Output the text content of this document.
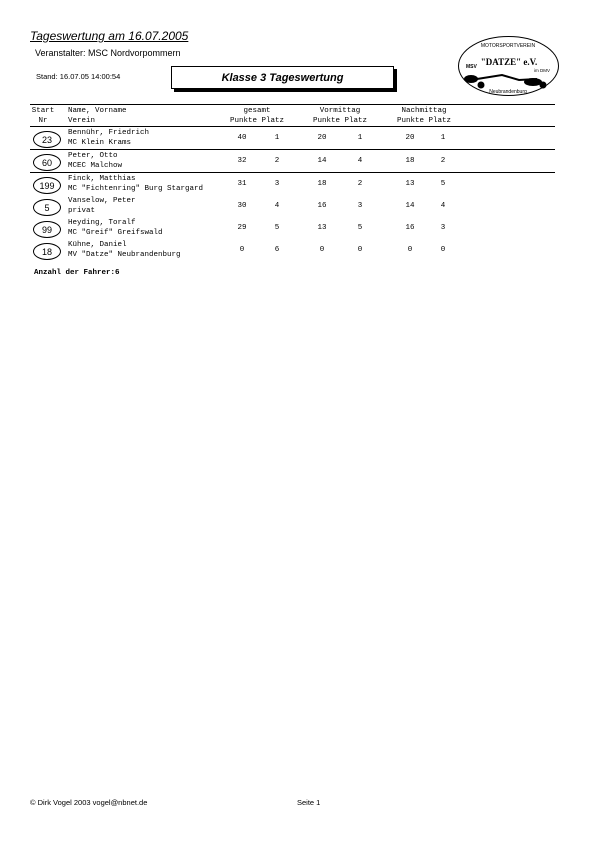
Tageswertung am 16.07.2005
Veranstalter: MSC Nordvorpommern
Stand: 16.07.05 14:00:54	Klasse 3 Tageswertung
MOTORSPORTVEREIN
MSV "DATZE" e.V.
im DMV
Neubrandenburg
Start
Nr
Name, Vorname
Verein
gesamt
Punkte Platz
Vormittag
Punkte Platz
Nachmittag
Punkte Platz
23
Bennühr, Friedrich
MC Klein Krams
40	1	20	1	20	1
60
Peter, Otto
MCEC Malchow
32	2	14	4	18	2
199
Finck, Matthias
MC "Fichtenring" Burg Stargard
31	3	18	2	13	5
5
Vanselow, Peter
privat
30	4	16	3	14	4
99
Heyding, Toralf
MC "Greif" Greifswald
29	5	13	5	16	3
18
Kühne, Daniel
MV "Datze" Neubrandenburg
0	6	0	0	0	0
Anzahl der Fahrer:6
© Dirk Vogel 2003 vogel@nbnet.de	Seite 1
